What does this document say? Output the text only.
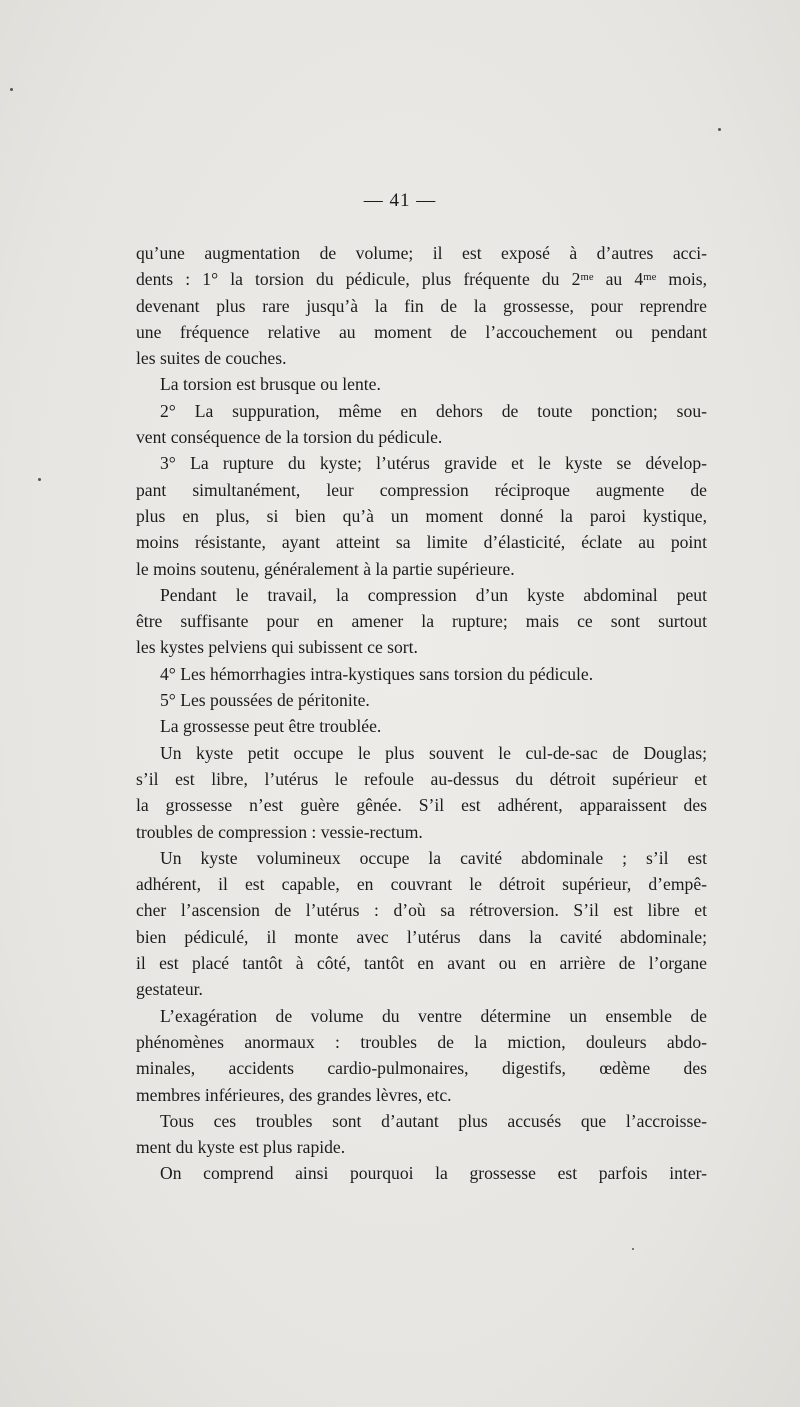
— 41 —
qu’une augmentation de volume; il est exposé à d’autres acci-
dents : 1° la torsion du pédicule, plus fréquente du 2ᵐᵉ au 4ᵐᵉ mois,
devenant plus rare jusqu’à la fin de la grossesse, pour reprendre
une fréquence relative au moment de l’accouchement ou pendant
les suites de couches.
La torsion est brusque ou lente.
2° La suppuration, même en dehors de toute ponction; sou-
vent conséquence de la torsion du pédicule.
3° La rupture du kyste; l’utérus gravide et le kyste se dévelop-
pant simultanément, leur compression réciproque augmente de
plus en plus, si bien qu’à un moment donné la paroi kystique,
moins résistante, ayant atteint sa limite d’élasticité, éclate au point
le moins soutenu, généralement à la partie supérieure.
Pendant le travail, la compression d’un kyste abdominal peut
être suffisante pour en amener la rupture; mais ce sont surtout
les kystes pelviens qui subissent ce sort.
4° Les hémorrhagies intra-kystiques sans torsion du pédicule.
5° Les poussées de péritonite.
La grossesse peut être troublée.
Un kyste petit occupe le plus souvent le cul-de-sac de Douglas;
s’il est libre, l’utérus le refoule au-dessus du détroit supérieur et
la grossesse n’est guère gênée. S’il est adhérent, apparaissent des
troubles de compression : vessie-rectum.
Un kyste volumineux occupe la cavité abdominale ; s’il est
adhérent, il est capable, en couvrant le détroit supérieur, d’empê-
cher l’ascension de l’utérus : d’où sa rétroversion. S’il est libre et
bien pédiculé, il monte avec l’utérus dans la cavité abdominale;
il est placé tantôt à côté, tantôt en avant ou en arrière de l’organe
gestateur.
L’exagération de volume du ventre détermine un ensemble de
phénomènes anormaux : troubles de la miction, douleurs abdo-
minales, accidents cardio-pulmonaires, digestifs, œdème des
membres inférieures, des grandes lèvres, etc.
Tous ces troubles sont d’autant plus accusés que l’accroisse-
ment du kyste est plus rapide.
On comprend ainsi pourquoi la grossesse est parfois inter-
